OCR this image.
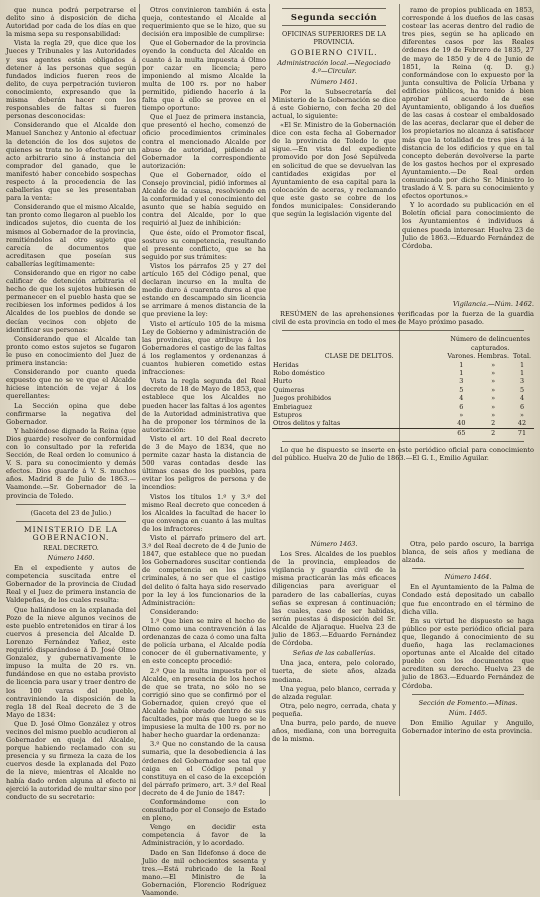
que nunca podrá perpetrarse el delito sino á disposición de dicha Autoridad por cada de los días en que la misma sepa su responsabilidad:

Vista la regla 29, que dice que los Jueces y Tribunales y las Autoridades y sus agentes están obligados á detener á las personas que según fundados indicios fueren reos de delito, de cuya perpetración tuvieron conocimiento, expresando que la misma deberán hacer con los responsables de faltas si fueren personas desconocidas:

Considerando que el Alcalde don Manuel Sanchez y Antonio al efectuar la detención de los dos sujetos de quienes se trata no lo efectuó por un acto arbitrario sino á instancia del comprador del ganado, que le manifestó haber concebido sospechas respecto á la procedencia de las caballerías que se les presentaban para la venta:

Considerando que el mismo Alcalde, tan pronto como llegaron al pueblo los indicados sujetos, dio cuenta de los mismos al Gobernador de la provincia, remitiéndolos al otro sujeto que carecía de documentos que acreditasen que poseían sus caballerías legítimamente:

Considerando que en rigor no cabe calificar de detención arbitraria el hecho de que los sujetos hubiesen de permanecer en el pueblo hasta que se recibiesen los informes pedidos á los Alcaldes de los pueblos de donde se decían vecinos con objeto de identificar sus personas:

Considerando que el Alcalde tan pronto como estos sujetos se fugaron le puso en conocimiento del Juez de primera instancia:

Considerando por cuanto queda expuesto que no se ve que el Alcalde hiciese intención de vejar á los querellantes:

La Sección opina que debe confirmarse la negativa del Gobernador.

Y habiéndose dignado la Reina (que Dios guarde) resolver de conformidad con lo consultado por la referida Sección, de Real orden lo comunico á V. S. para su conocimiento y demás efectos. Dios guarde á V. S. muchos años. Madrid 8 de Julio de 1863.—Vaamonde.—Sr. Gobernador de la provincia de Toledo.

(Gaceta del 23 de Julio.)

MINISTERIO DE LA GOBERNACION.
REAL DECRETO.
Número 1460.

En el expediente y autos de competencia suscitada entre el Gobernador de la provincia de Ciudad Real y el Juez de primera instancia de Valdepeñas, de los cuales resulta:

Que hallándose en la explanada del Pozo de la nieve algunos vecinos de este pueblo entretenidos en tirar á los cuervos á presencia del Alcalde D. Lorenzo Fernández Yañez, este requirió disparándose á D. José Olmo Gonzalez, y gubernativamente le impuso la multa de 20 rs. vn. fundándose en que no estaba provisto de licencia para usar y traer dentro de los 100 varas del pueblo, contraviniendo la disposición de la regla 18 del Real decreto de 3 de Mayo de 1834:

Que D. José Olmo González y otros vecinos del mismo pueblo acudieron al Gobernador en queja del Alcalde, porque habiendo reclamado con su presencia y su firmeza la caza de los cuervos desde la explanada del Pozo de la nieve, mientras el Alcalde no había dado orden alguna al efecto ni ejerció la autoridad de multar sino por conducto de su secretario:

Otros convinieron también á esta queja, contestando el Alcalde al requerimiento que se le hizo, que su decisión era imposible de cumplirse:

Que el Gobernador de la provincia oyendo la conducta del Alcalde en cuanto á la multa impuesta á Olmo por cazar en licencia; pero imponiendo al mismo Alcalde la multa de 100 rs. por no haber permitido, pidiendo hacerlo á la falta que á ello se provee en el tiempo oportuno:

Que el Juez de primera instancia, que presentó el hecho, comenzó de oficio procedimientos criminales contra el mencionado Alcalde por abuso de autoridad, pidiendo al Gobernador la correspondiente autorización:

Que el Gobernador, oído el Consejo provincial, pidió informes al Alcalde de la causa, resolviendo en la conformidad y el conocimiento del asunto que se había seguido en contra del Alcalde, por lo que requirió al Juez de inhibición:

Que éste, oído el Promotor fiscal, sostuvo su competencia, resultando el presente conflicto, que se ha seguido por sus trámites:

Vistos los párrafos 25 y 27 del artículo 165 del Código penal, que declaran incurso en la multa de medio duro á cuarenta duros al que estando en descampado sin licencia se arrimare á menos distancia de la que previene la ley:

Visto el artículo 105 de la misma Ley de Gobierno y administración de las provincias, que atribuye á los Gobernadores el castigo de las faltas á los reglamentos y ordenanzas á cuantos hubieren cometido estas infracciones:

Vista la regla segunda del Real decreto de 18 de Mayo de 1853, que establece que los Alcaldes no pueden hacer las faltas á los agentes de la Autoridad administrativa que ha de proponer los términos de la autorización:

Visto el art. 10 del Real decreto de 3 de Mayo de 1834, que no permite cazar hasta la distancia de 500 varas contadas desde las últimas casas de los pueblos, para evitar los peligros de persona y de incendios:

Vistos los títulos 1.º y 3.º del mismo Real decreto que conceden á los Alcaldes la facultad de hacer lo que convenga en cuanto á las multas de los infractores:

Visto el párrafo primero del art. 3.º del Real decreto de 4 de Junio de 1847, que establece que no puedan los Gobernadores suscitar contienda de competencia en los juicios criminales, á no ser que el castigo del delito ó falta haya sido reservado por la ley á los funcionarios de la Administración:

Considerando:

1.º Que bien se mire el hecho de Olmo como una contravención á las ordenanzas de caza ó como una falta de policía urbana, el Alcalde podía conocer de él gubernativamente, y en este concepto procedió:

2.º Que la multa impuesta por el Alcalde, en presencia de los hechos de que se trata, no sólo no se corrigió sino que se confirmó por el Gobernador, quien creyó que el Alcalde había obrado dentro de sus facultades, por más que luego se le impusiese la multa de 100 rs. por no haber hecho guardar la ordenanza:

3.º Que no constando de la causa sumaria, que la desobediencia á las órdenes del Gobernador sea tal que caiga en el Código penal y constituya en el caso de la excepción del párrafo primero, art. 3.º del Real decreto de 4 de Junio de 1847:

Conformándome con lo consultado por el Consejo de Estado en pleno,

Vengo en decidir esta competencia á favor de la Administración, y lo acordado.

Dado en San Ildefonso á doce de Julio de mil ochocientos sesenta y tres.—Está rubricado de la Real mano.—El Ministro de la Gobernación, Florencio Rodríguez Vaamonde.

Segunda sección
OFICINAS SUPERIORES DE LA PROVINCIA.
GOBIERNO CIVIL.
Administración local.—Negociado 4.º—Circular.
Número 1461.

Por la Subsecretaría del Ministerio de la Gobernación se dice á este Gobierno, con fecha 20 del actual, lo siguiente:

«El Sr. Ministro de la Gobernación dice con esta fecha al Gobernador de la provincia de Toledo lo que sigue.—En vista del expediente promovido por don José Sepúlveda en solicitud de que se devuelvan las cantidades exigidas por el Ayuntamiento de esa capital para la colocación de aceras, y reclamando que este gasto se cobre de los fondos municipales: Considerando que según la legislación vigente del

ramo de propios publicada en 1853, corresponde á los dueños de las casas costear las aceras dentro del radio de tres pies, según se ha aplicado en diferentes casos por las Reales órdenes de 19 de Febrero de 1835, 27 de mayo de 1850 y de 4 de Junio de 1851, la Reina (q. D. g.) conformándose con lo expuesto por la junta consultiva de Policía Urbana y edificios públicos, ha tenido á bien aprobar el acuerdo de ese Ayuntamiento, obligando á los dueños de las casas á costear el embaldosado de las aceras, declarar que el deber de los propietarios no alcanza á satisfacer más que la totalidad de tres pies á la distancia de los edificios y que en tal concepto deberán devolverse la parte de los gastos hechos por el expresado Ayuntamiento.—De Real orden comunicada por dicho Sr. Ministro lo traslado á V. S. para su conocimiento y efectos oportunos.»

Y lo acordado su publicación en el Boletín oficial para conocimiento de los Ayuntamientos é individuos á quienes pueda interesar. Huelva 23 de Julio de 1863.—Eduardo Fernández de Córdoba.

Vigilancia.—Núm. 1462.

RESÚMEN de las aprehensiones verificadas por la fuerza de la guardia civil de esta provincia en todo el mes de Mayo próximo pasado.

	Número de delincuentes capturados.		
CLASE DE DELITOS.	Varones.	Hembras.	Total.
Heridas	1	»	1
Robo doméstico	1	»	1
Hurto	3	»	3
Quimeras	5	»	5
Juegos prohibidos	4	»	4
Embriaguez	6	»	6
Estupros	»	»	»
Otros delitos y faltas	40	2	42
	65	2	71

Lo que he dispuesto se inserte en este periódico oficial para conocimiento del público. Huelva 20 de Julio de 1863.—El G. I., Emilio Aguilar.

Número 1463.

Los Sres. Alcaldes de los pueblos de la provincia, empleados de vigilancia y guardia civil de la misma practicarán las más eficaces diligencias para averiguar el paradero de las caballerías, cuyas señas se expresan á continuación; las cuales, caso de ser habidas, serán puestas á disposición del Sr. Alcalde de Aljaraque. Huelva 23 de julio de 1863.—Eduardo Fernández de Córdoba.

Señas de las caballerías.

Una jaca, entera, pelo colorado, tuerta, de siete años, alzada mediana.

Una yegua, pelo blanco, cerrada y de alzada regular.

Otra, pelo negro, cerrada, chata y pequeña.

Una burra, pelo pardo, de nueve años, mediana, con una borreguita de la misma.

Otra, pelo pardo oscuro, la barriga blanca, de seis años y mediana de alzada.

Número 1464.

En el Ayuntamiento de la Palma de Condado está depositado un caballo que fue encontrado en el término de dicha villa.

En su virtud he dispuesto se haga público por este periódico oficial para que, llegando á conocimiento de su dueño, haga las reclamaciones oportunas ante el Alcalde del citado pueblo con los documentos que acrediten su derecho. Huelva 23 de julio de 1863.—Eduardo Fernández de Córdoba.

Sección de Fomento.—Minas.
Núm. 1465.

Don Emilio Aguilar y Anguilo, Gobernador interino de esta provincia.
